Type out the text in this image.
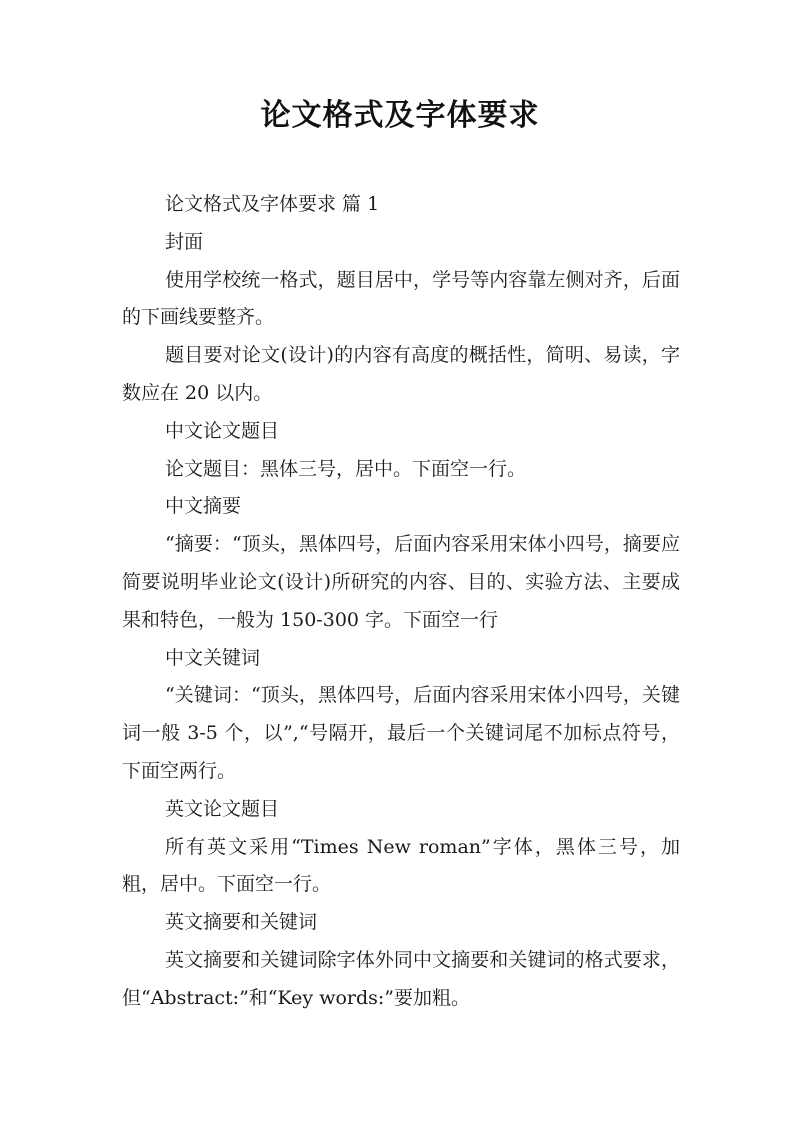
论文格式及字体要求

论文格式及字体要求 篇 1

封面

使用学校统一格式，题目居中，学号等内容靠左侧对齐，后面的下画线要整齐。

题目要对论文(设计)的内容有高度的概括性，简明、易读，字数应在 20 以内。

中文论文题目

论文题目：黑体三号，居中。下面空一行。

中文摘要

“摘要：“顶头，黑体四号，后面内容采用宋体小四号，摘要应简要说明毕业论文(设计)所研究的内容、目的、实验方法、主要成果和特色，一般为 150-300 字。下面空一行

中文关键词

“关键词：“顶头，黑体四号，后面内容采用宋体小四号，关键词一般 3-5 个，以”,“号隔开，最后一个关键词尾不加标点符号，下面空两行。

英文论文题目

所有英文采用“Times New roman”字体，黑体三号，加粗，居中。下面空一行。

英文摘要和关键词

英文摘要和关键词除字体外同中文摘要和关键词的格式要求，但“Abstract:”和“Key words:”要加粗。
